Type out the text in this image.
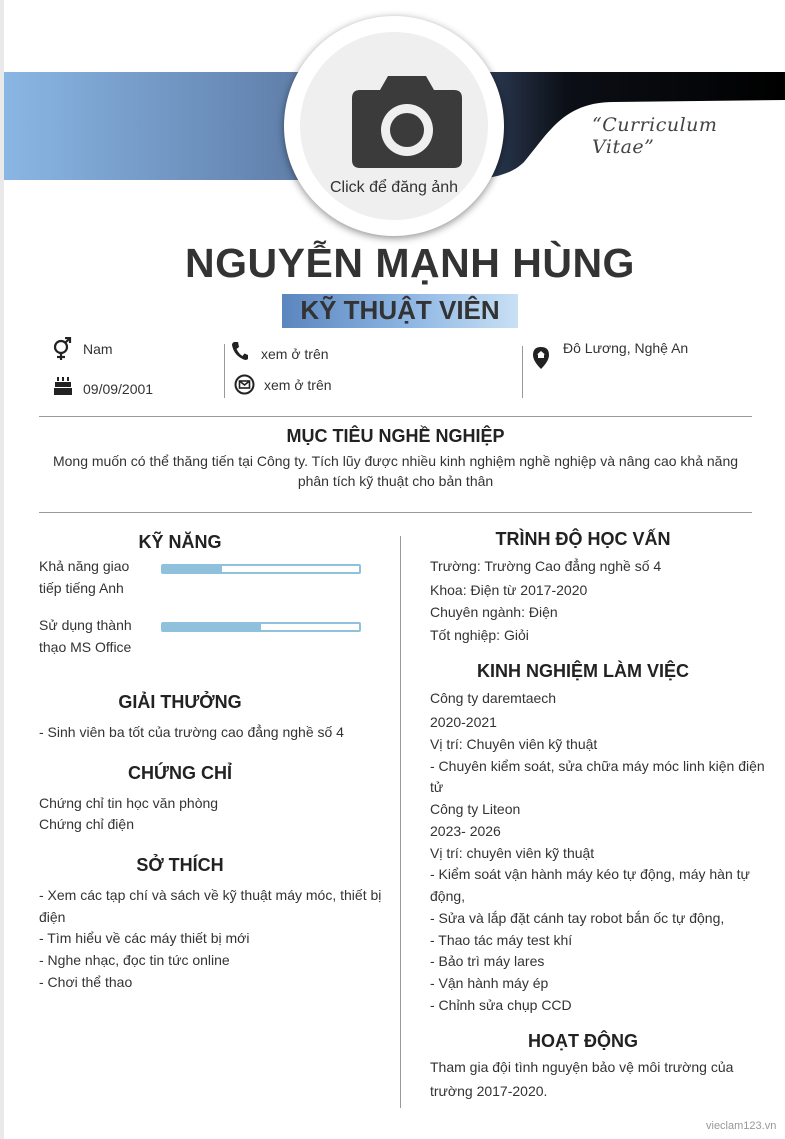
“Curriculum Vitae”
Click để đăng ảnh
NGUYỄN MẠNH HÙNG
KỸ THUẬT VIÊN
Nam
09/09/2001
xem ở trên
xem ở trên
Đô Lương, Nghệ An
MỤC TIÊU NGHỀ NGHIỆP
Mong muốn có thể thăng tiến tại Công ty. Tích lũy được nhiều kinh nghiệm nghề nghiệp và nâng cao khả năng phân tích kỹ thuật cho bản thân
KỸ NĂNG
Khả năng giao
tiếp tiếng Anh
Sử dụng thành
thạo MS Office
GIẢI THƯỞNG
- Sinh viên ba tốt của trường cao đẳng nghề số 4
CHỨNG CHỈ
Chứng chỉ tin học văn phòng
Chứng chỉ điện
SỞ THÍCH
- Xem các tạp chí và sách về kỹ thuật máy móc, thiết bị
điện
- Tìm hiểu về các máy thiết bị mới
- Nghe nhạc, đọc tin tức online
- Chơi thể thao
TRÌNH ĐỘ HỌC VẤN
Trường: Trường Cao đẳng nghề số 4
Khoa: Điện từ 2017-2020
Chuyên ngành: Điện
Tốt nghiệp: Giỏi
KINH NGHIỆM LÀM VIỆC
Công ty daremtaech
2020-2021
Vị trí: Chuyên viên kỹ thuật
- Chuyên kiểm soát, sửa chữa máy móc linh kiện điện
tử
Công ty Liteon
2023- 2026
Vị trí: chuyên viên kỹ thuật
- Kiểm soát vận hành máy kéo tự động, máy hàn tự
động,
- Sửa và lắp đặt cánh tay robot bắn ốc tự động,
- Thao tác máy test khí
- Bảo trì máy lares
- Vận hành máy ép
- Chỉnh sửa chụp CCD
HOẠT ĐỘNG
Tham gia đội tình nguyện bảo vệ môi trường của
trường 2017-2020.
vieclam123.vn
